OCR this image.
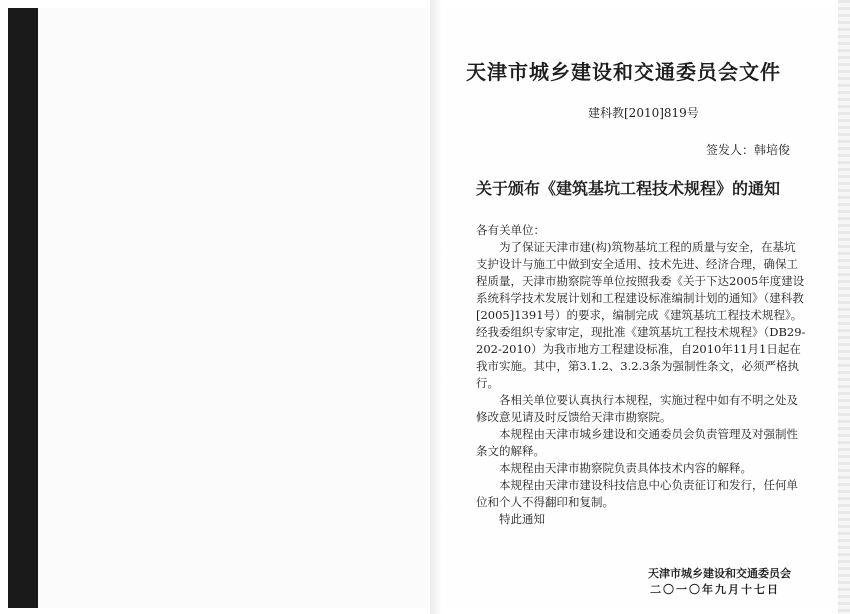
天津市城乡建设和交通委员会文件
建科教[2010]819号
签发人：韩培俊
关于颁布《建筑基坑工程技术规程》的通知

各有关单位：

为了保证天津市建(构)筑物基坑工程的质量与安全，在基坑支护设计与施工中做到安全适用、技术先进、经济合理，确保工程质量，天津市勘察院等单位按照我委《关于下达2005年度建设系统科学技术发展计划和工程建设标准编制计划的通知》（建科教[2005]1391号）的要求，编制完成《建筑基坑工程技术规程》。经我委组织专家审定，现批准《建筑基坑工程技术规程》（DB29-202-2010）为我市地方工程建设标准，自2010年11月1日起在我市实施。其中，第3.1.2、3.2.3条为强制性条文，必须严格执行。

各相关单位要认真执行本规程，实施过程中如有不明之处及修改意见请及时反馈给天津市勘察院。

本规程由天津市城乡建设和交通委员会负责管理及对强制性条文的解释。

本规程由天津市勘察院负责具体技术内容的解释。

本规程由天津市建设科技信息中心负责征订和发行，任何单位和个人不得翻印和复制。

特此通知

天津市城乡建设和交通委员会
二〇一〇年九月十七日
